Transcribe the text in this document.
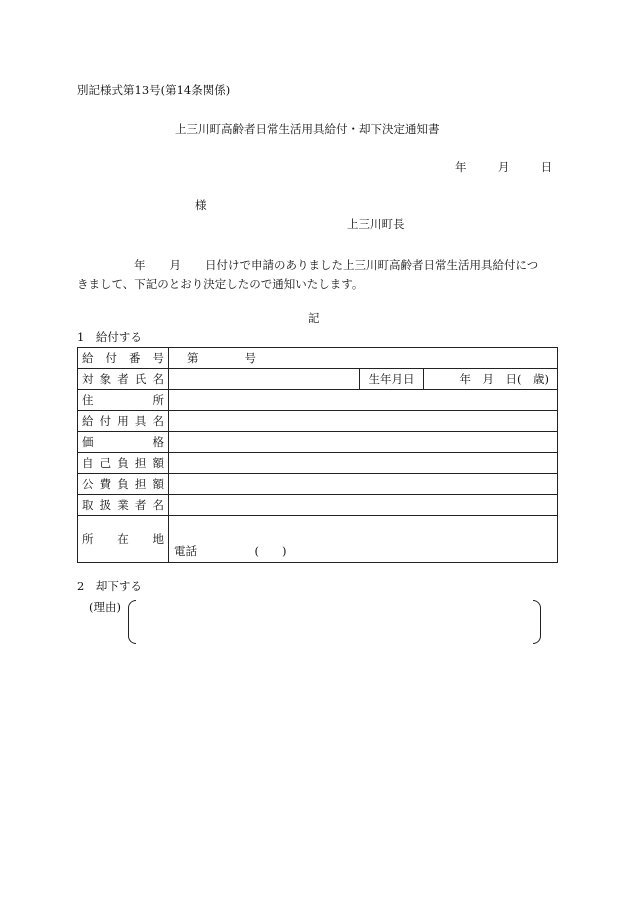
別記様式第13号(第14条関係)
上三川町高齢者日常生活用具給付・却下決定通知書
年	月	日
様
上三川町長
年 月 日付けで申請のありました上三川町高齢者日常生活用具給付につ
きまして、下記のとおり決定したので通知いたします。
記
1　給付する
給付番号	第　　　　号		
対象者氏名		生年月日	年　月　日(　歳)
住所			
給付用具名			
価格			
自己負担額			
公費負担額			
取扱業者名			
所在地	電話　　　　　(　　)		
2　却下する
(理由)
